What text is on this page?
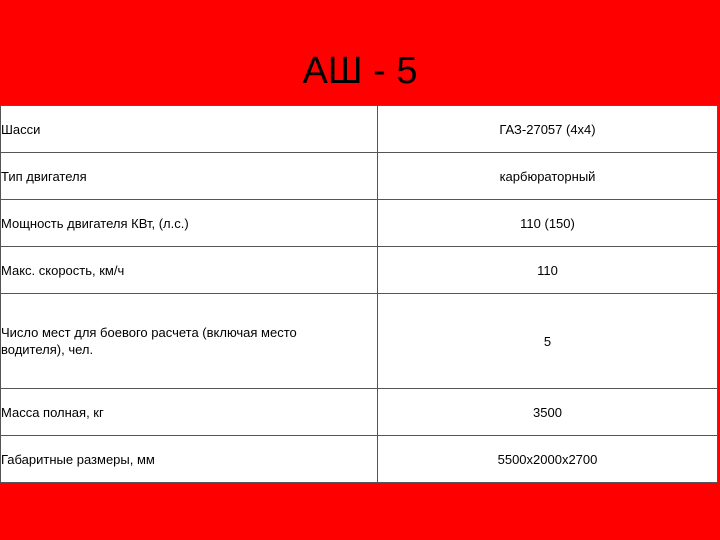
АШ - 5
Шасси	ГАЗ-27057 (4х4)
Тип двигателя	карбюраторный
Мощность двигателя КВт, (л.с.)	110 (150)
Макс. скорость, км/ч	110
Число мест для боевого расчета (включая место водителя), чел.	5
Масса полная, кг	3500
Габаритные размеры, мм	5500х2000х2700
